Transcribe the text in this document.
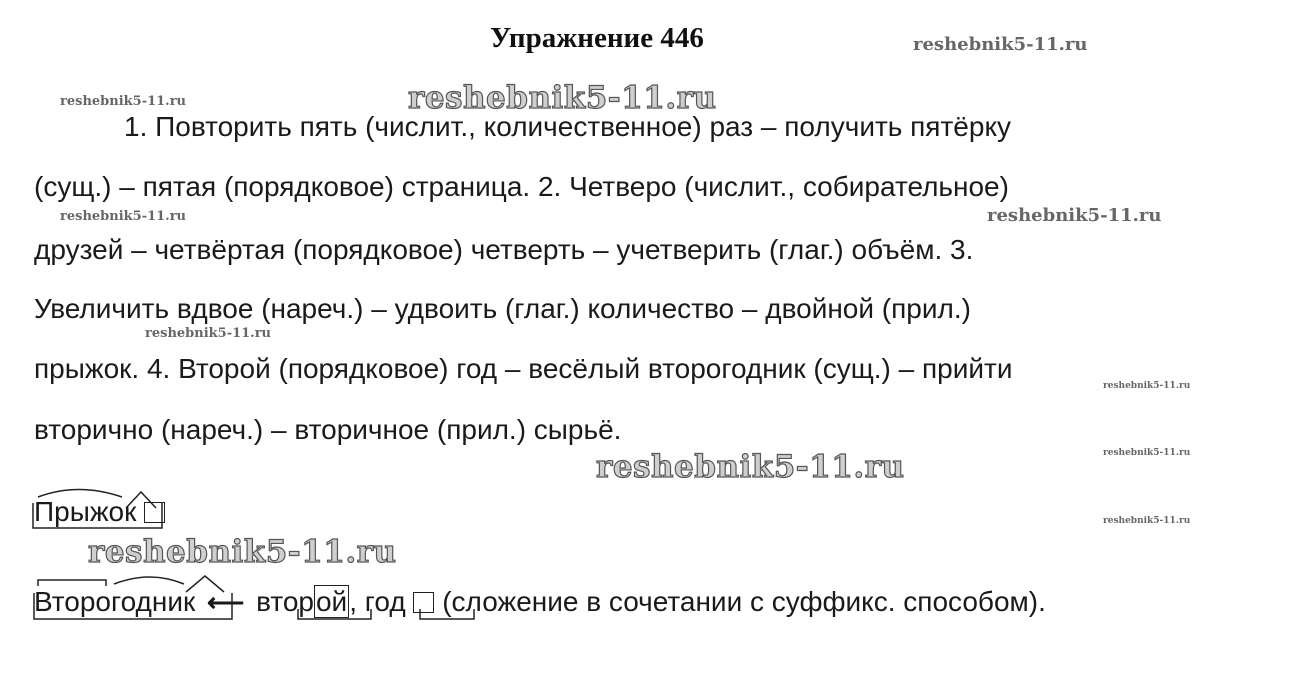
Упражнение 446	reshebnik5-11.ru
reshebnik5-11.ru	reshebnik5-11.ru
1. Повторить пять (числит., количественное) раз – получить пятёрку
(сущ.) – пятая (порядковое) страница. 2. Четверо (числит., собирательное)
reshebnik5-11.ru	reshebnik5-11.ru
друзей – четвёртая (порядковое) четверть – учетверить (глаг.) объём. 3.
Увеличить вдвое (нареч.) – удвоить (глаг.) количество – двойной (прил.)
reshebnik5-11.ru
прыжок. 4. Второй (порядковое) год – весёлый второгодник (сущ.) – прийти
reshebnik5-11.ru
вторично (нареч.) – вторичное (прил.) сырьё.
reshebnik5-11.ru	reshebnik5-11.ru
Прыжок	reshebnik5-11.ru
reshebnik5-11.ru
Второгодник ⟵ второй, год (сложение в сочетании с суффикс. способом).
